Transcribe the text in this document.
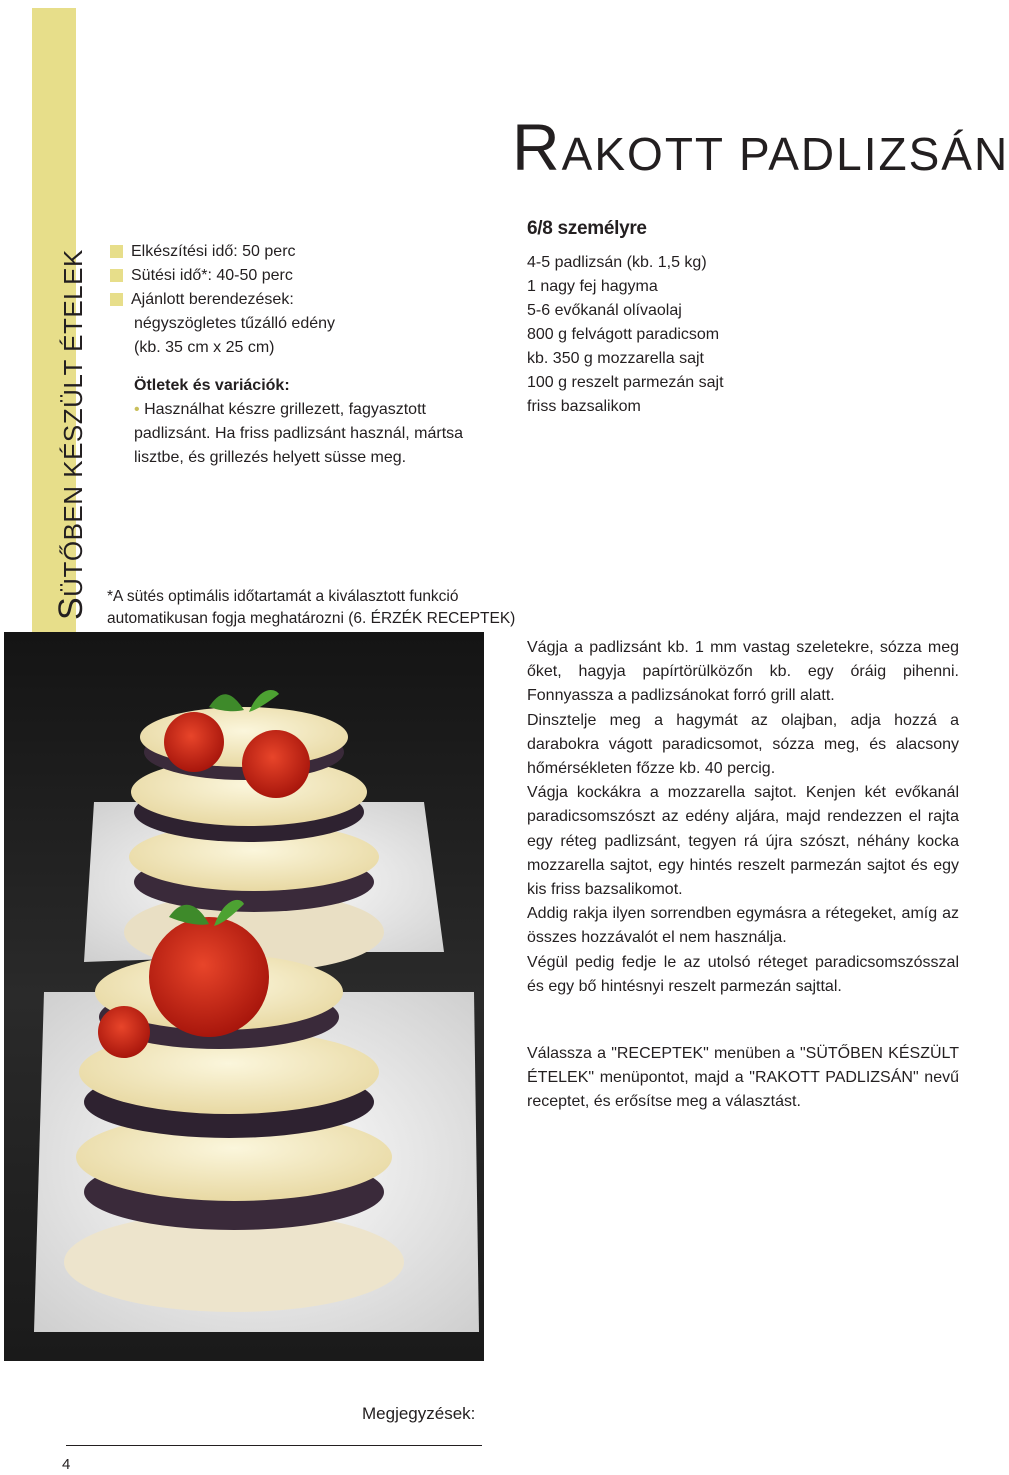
SÜTŐBEN KÉSZÜLT ÉTELEK	Elkészítési idő: 50 perc
Sütési idő*: 40-50 perc
Ajánlott berendezések:
négyszögletes tűzálló edény
(kb. 35 cm x 25 cm)
Ötletek és variációk:
• Használhat készre grillezett, fagyasztott
padlizsánt. Ha friss padlizsánt használ, mártsa
lisztbe, és grillezés helyett süsse meg.
*A sütés optimális időtartamát a kiválasztott funkció
automatikusan fogja meghatározni (6. ÉRZÉK RECEPTEK)
RAKOTT PADLIZSÁN
6/8 személyre
4-5 padlizsán (kb. 1,5 kg)
1 nagy fej hagyma
5-6 evőkanál olívaolaj
800 g felvágott paradicsom
kb. 350 g mozzarella sajt
100 g reszelt parmezán sajt
friss bazsalikom
Vágja a padlizsánt kb. 1 mm vastag szeletekre, sózza meg őket, hagyja papírtörülközőn kb. egy óráig pihenni. Fonnyassza a padlizsánokat forró grill alatt.
Dinsztelje meg a hagymát az olajban, adja hozzá a darabokra vágott paradicsomot, sózza meg, és alacsony hőmérsékleten főzze kb. 40 percig.
Vágja kockákra a mozzarella sajtot. Kenjen két evőkanál paradicsomszószt az edény aljára, majd rendezzen el rajta egy réteg padlizsánt, tegyen rá újra szószt, néhány kocka mozzarella sajtot, egy hintés reszelt parmezán sajtot és egy kis friss bazsalikomot.
Addig rakja ilyen sorrendben egymásra a rétegeket, amíg az összes hozzávalót el nem használja.
Végül pedig fedje le az utolsó réteget paradicsomszósszal és egy bő hintésnyi reszelt parmezán sajttal.
Válassza a "RECEPTEK" menüben a "SÜTŐBEN KÉSZÜLT ÉTELEK" menüpontot, majd a "RAKOTT PADLIZSÁN" nevű receptet, és erősítse meg a választást.
Megjegyzések:
4
